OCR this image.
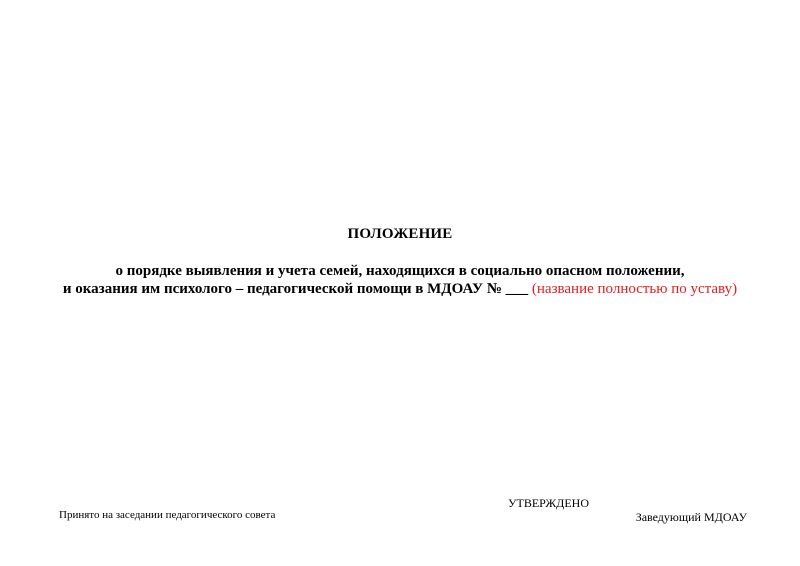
ПОЛОЖЕНИЕ
о порядке выявления и учета семей, находящихся в социально опасном положении,
и оказания им психолого – педагогической помощи в МДОАУ № ___ (название полностью по уставу)
УТВЕРЖДЕНО
Принято на заседании педагогического совета	Заведующий МДОАУ
